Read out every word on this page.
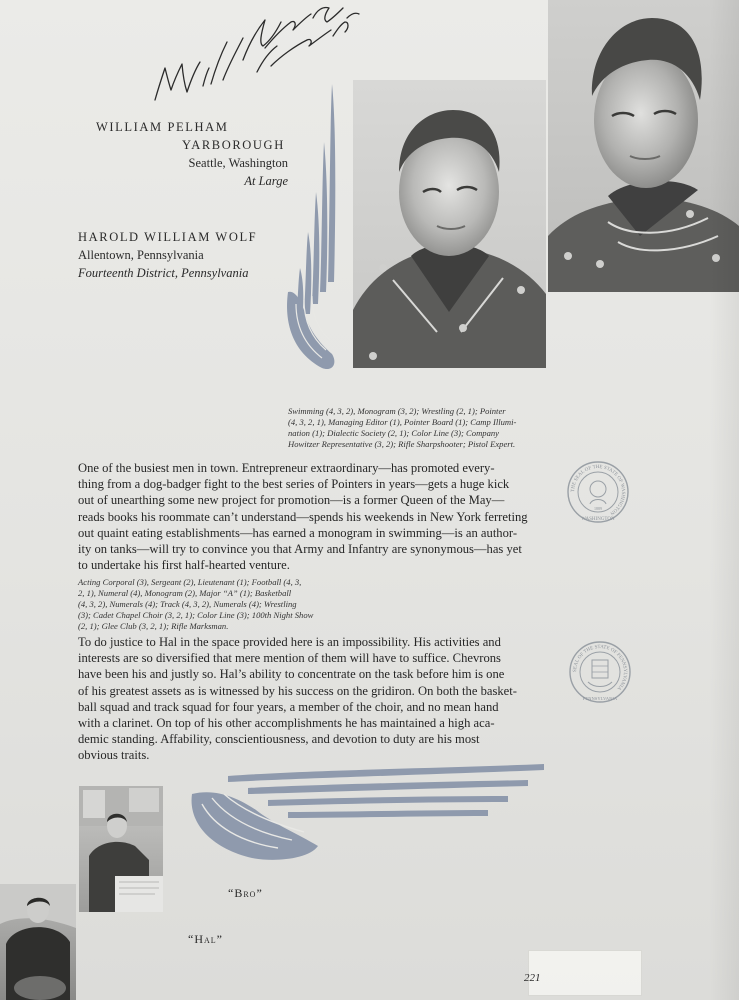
WILLIAM PELHAM
YARBOROUGH
Seattle, Washington
At Large
HAROLD WILLIAM WOLF
Allentown, Pennsylvania
Fourteenth District, Pennsylvania
Swimming (4, 3, 2), Monogram (3, 2); Wrestling (2, 1); Pointer
(4, 3, 2, 1), Managing Editor (1), Pointer Board (1); Camp Illumi-
nation (1); Dialectic Society (2, 1); Color Line (3); Company
Howitzer Representative (3, 2); Rifle Sharpshooter; Pistol Expert.
One of the busiest men in town. Entrepreneur extraordinary—has promoted every-
thing from a dog-badger fight to the best series of Pointers in years—gets a huge kick
out of unearthing some new project for promotion—is a former Queen of the May—
reads books his roommate can’t understand—spends his weekends in New York ferreting
out quaint eating establishments—has earned a monogram in swimming—is an author-
ity on tanks—will try to convince you that Army and Infantry are synonymous—has yet
to undertake his first half-hearted venture.
THE SEAL OF THE STATE OF WASHINGTON
1889
WASHINGTON
Acting Corporal (3), Sergeant (2), Lieutenant (1); Football (4, 3,
2, 1), Numeral (4), Monogram (2), Major “A” (1); Basketball
(4, 3, 2), Numerals (4); Track (4, 3, 2), Numerals (4); Wrestling
(3); Cadet Chapel Choir (3, 2, 1); Color Line (3); 100th Night Show
(2, 1); Glee Club (3, 2, 1); Rifle Marksman.
To do justice to Hal in the space provided here is an impossibility. His activities and
interests are so diversified that mere mention of them will have to suffice. Chevrons
have been his and justly so. Hal’s ability to concentrate on the task before him is one
of his greatest assets as is witnessed by his success on the gridiron. On both the basket-
ball squad and track squad for four years, a member of the choir, and no mean hand
with a clarinet. On top of his other accomplishments he has maintained a high aca-
demic standing. Affability, conscientiousness, and devotion to duty are his most
obvious traits.
SEAL OF THE STATE OF PENNSYLVANIA
PENNSYLVANIA
“Bro”
“Hal”
221
